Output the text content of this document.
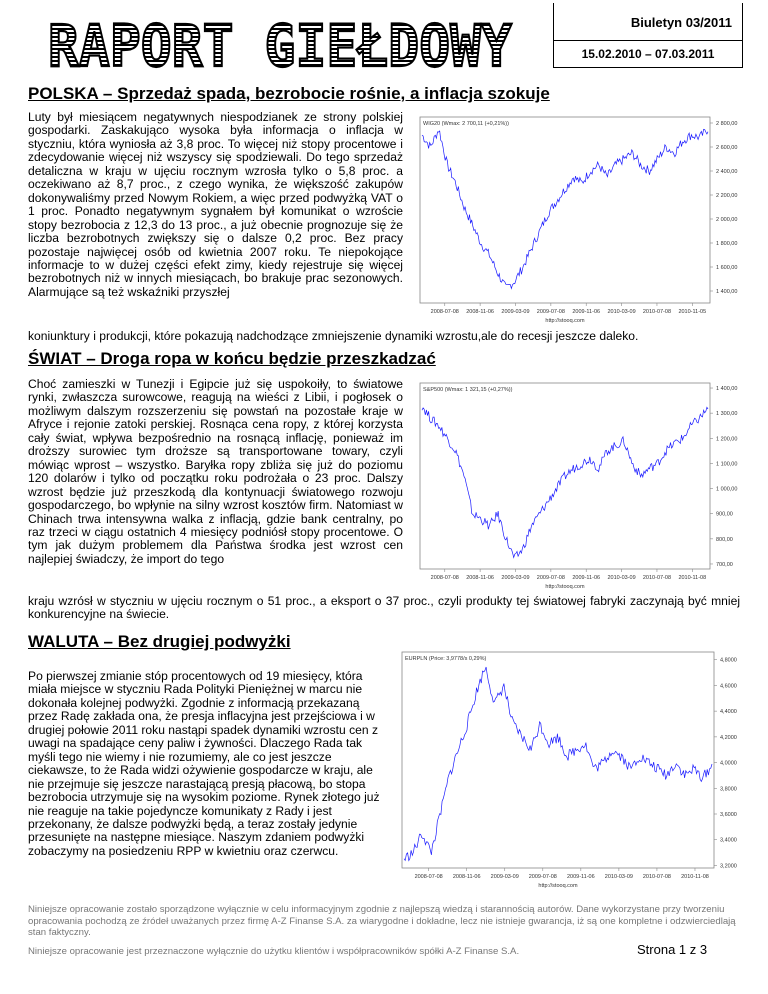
RAPORT GIEŁDOWY	Biuletyn 03/2011
15.02.2010 – 07.03.2011
POLSKA – Sprzedaż spada, bezrobocie rośnie, a inflacja szokuje
Luty był miesiącem negatywnych niespodzianek ze strony polskiej gospodarki. Zaskakująco wysoka była informacja o inflacja w styczniu, która wyniosła aż 3,8 proc. To więcej niż stopy procentowe i zdecydowanie więcej niż wszyscy się spodziewali. Do tego sprzedaż detaliczna w kraju w ujęciu rocznym wzrosła tylko o 5,8 proc. a oczekiwano aż 8,7 proc., z czego wynika, że większość zakupów dokonywaliśmy przed Nowym Rokiem, a więc przed podwyżką VAT o 1 proc. Ponadto negatywnym sygnałem był komunikat o wzroście stopy bezrobocia z 12,3 do 13 proc., a już obecnie prognozuje się że liczba bezrobotnych zwiększy się o dalsze 0,2 proc. Bez pracy pozostaje najwięcej osób od kwietnia 2007 roku. Te niepokojące informacje to w dużej części efekt zimy, kiedy rejestruje się więcej bezrobotnych niż w innych miesiącach, bo brakuje prac sezonowych. Alarmujące są też wskaźniki przyszłej
koniunktury i produkcji, które pokazują nadchodzące zmniejszenie dynamiki wzrostu,ale do recesji jeszcze daleko.
WIG20 (Wmax: 2 700,11 (+0,21%))	2 800,00
2 600,00
2 400,00
2 200,00
2 000,00
1 800,00
1 600,00
1 400,00
2008-07-08 2008-11-06 2009-03-09 2009-07-08 2009-11-06 2010-03-09 2010-07-08 2010-11-05
http://stooq.com
ŚWIAT – Droga ropa w końcu będzie przeszkadzać
Choć zamieszki w Tunezji i Egipcie już się uspokoiły, to światowe rynki, zwłaszcza surowcowe, reagują na wieści z Libii, i pogłosek o możliwym dalszym rozszerzeniu się powstań na pozostałe kraje w Afryce i rejonie zatoki perskiej. Rosnąca cena ropy, z której korzysta cały świat, wpływa bezpośrednio na rosnącą inflację, ponieważ im droższy surowiec tym droższe są transportowane towary, czyli mówiąc wprost – wszystko. Baryłka ropy zbliża się już do poziomu 120 dolarów i tylko od początku roku podrożała o 23 proc. Dalszy wzrost będzie już przeszkodą dla kontynuacji światowego rozwoju gospodarczego, bo wpłynie na silny wzrost kosztów firm. Natomiast w Chinach trwa intensywna walka z inflacją, gdzie bank centralny, po raz trzeci w ciągu ostatnich 4 miesięcy podniósł stopy procentowe. O tym jak dużym problemem dla Państwa środka jest wzrost cen najlepiej świadczy, że import do tego
kraju wzrósł w styczniu w ujęciu rocznym o 51 proc., a eksport o 37 proc., czyli produkty tej światowej fabryki zaczynają być mniej konkurencyjne na świecie.
S&P500 (Wmax: 1 321,15 (+0,27%))	1 400,00
1 300,00
1 200,00
1 100,00
1 000,00
900,00
800,00
700,00
2008-07-08 2008-11-06 2009-03-09 2009-07-08 2009-11-06 2010-03-09 2010-07-08 2010-11-08
http://stooq.com
WALUTA – Bez drugiej podwyżki
Po pierwszej zmianie stóp procentowych od 19 miesięcy, która miała miejsce w styczniu Rada Polityki Pieniężnej w marcu nie dokonała kolejnej podwyżki. Zgodnie z informacją przekazaną przez Radę zakłada ona, że presja inflacyjna jest przejściowa i w drugiej połowie 2011 roku nastąpi spadek dynamiki wzrostu cen z uwagi na spadające ceny paliw i żywności. Dlaczego Rada tak myśli tego nie wiemy i nie rozumiemy, ale co jest jeszcze ciekawsze, to że Rada widzi ożywienie gospodarcze w kraju, ale nie przejmuje się jeszcze narastającą presją płacową, bo stopa bezrobocia utrzymuje się na wysokim poziome. Rynek złotego już nie reaguje na takie pojedyncze komunikaty z Rady i jest przekonany, że dalsze podwyżki będą, a teraz zostały jedynie przesunięte na następne miesiące. Naszym zdaniem podwyżki zobaczymy na posiedzeniu RPP w kwietniu oraz czerwcu.
EURPLN (Price: 3,9778/s 0,29%)	4,8000
4,6000
4,4000
4,2000
4,0000
3,8000
3,6000
3,4000
3,2000
2008-07-08 2008-11-06 2009-03-09 2009-07-08 2009-11-06 2010-03-09 2010-07-08 2010-11-08
http://stooq.com
Niniejsze opracowanie zostało sporządzone wyłącznie w celu informacyjnym zgodnie z najlepszą wiedzą i starannością autorów. Dane wykorzystane przy tworzeniu opracowania pochodzą ze źródeł uważanych przez firmę A-Z Finanse S.A. za wiarygodne i dokładne, lecz nie istnieje gwarancja, iż są one kompletne i odzwierciedlają stan faktyczny.
Niniejsze opracowanie jest przeznaczone wyłącznie do użytku klientów i współpracowników spółki A-Z Finanse S.A.	Strona 1 z 3
